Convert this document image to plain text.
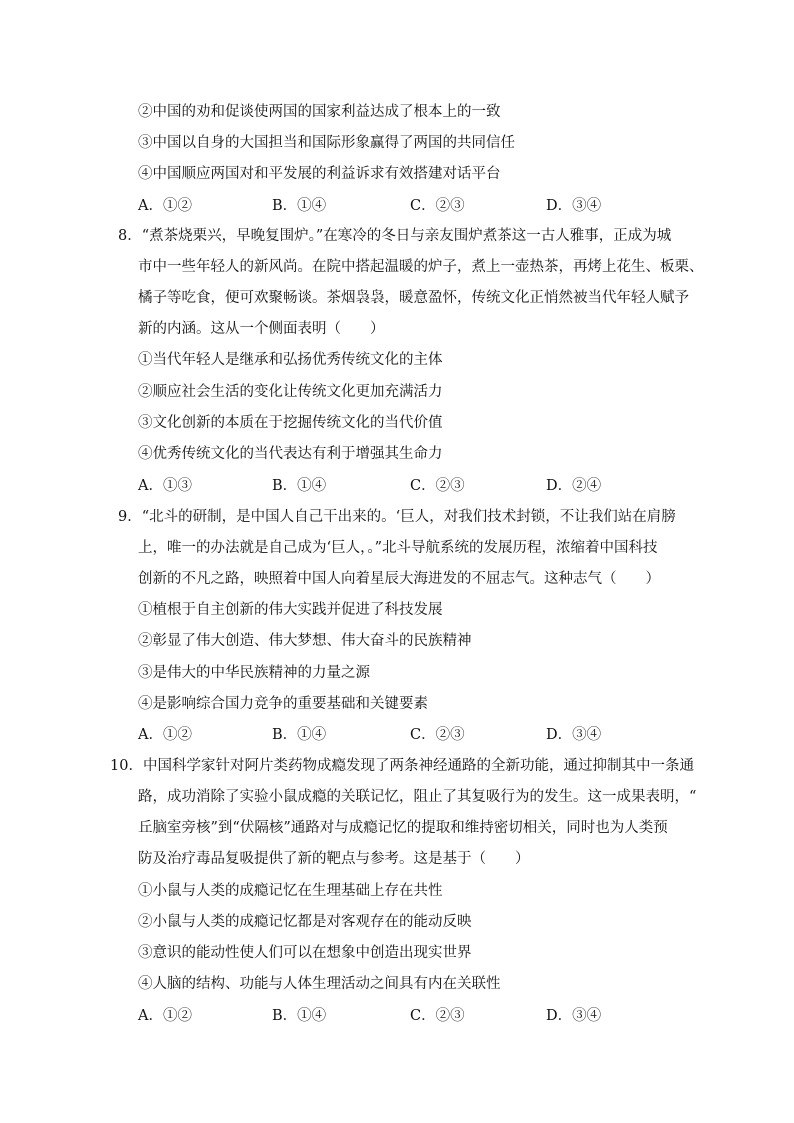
②中国的劝和促谈使两国的国家利益达成了根本上的一致
③中国以自身的大国担当和国际形象赢得了两国的共同信任
④中国顺应两国对和平发展的利益诉求有效搭建对话平台
A．①②	B．①④	C．②③	D．③④
8．“煮茶烧栗兴，早晚复围炉。”在寒冷的冬日与亲友围炉煮茶这一古人雅事，正成为城
市中一些年轻人的新风尚。在院中搭起温暖的炉子，煮上一壶热茶，再烤上花生、板栗、
橘子等吃食，便可欢聚畅谈。茶烟袅袅，暖意盈怀，传统文化正悄然被当代年轻人赋予
新的内涵。这从一个侧面表明（　　）
①当代年轻人是继承和弘扬优秀传统文化的主体
②顺应社会生活的变化让传统文化更加充满活力
③文化创新的本质在于挖掘传统文化的当代价值
④优秀传统文化的当代表达有利于增强其生命力
A．①③	B．①④	C．②③	D．②④
9．“北斗的研制，是中国人自己干出来的。‘巨人，对我们技术封锁，不让我们站在肩膀
上，唯一的办法就是自己成为‘巨人，。”北斗导航系统的发展历程，浓缩着中国科技
创新的不凡之路，映照着中国人向着星辰大海进发的不屈志气。这种志气（　　）
①植根于自主创新的伟大实践并促进了科技发展
②彰显了伟大创造、伟大梦想、伟大奋斗的民族精神
③是伟大的中华民族精神的力量之源
④是影响综合国力竞争的重要基础和关键要素
A．①②	B．①④	C．②③	D．③④
10．中国科学家针对阿片类药物成瘾发现了两条神经通路的全新功能，通过抑制其中一条通
路，成功消除了实验小鼠成瘾的关联记忆，阻止了其复吸行为的发生。这一成果表明，“
丘脑室旁核”到“伏隔核”通路对与成瘾记忆的提取和维持密切相关，同时也为人类预
防及治疗毒品复吸提供了新的靶点与参考。这是基于（　　）
①小鼠与人类的成瘾记忆在生理基础上存在共性
②小鼠与人类的成瘾记忆都是对客观存在的能动反映
③意识的能动性使人们可以在想象中创造出现实世界
④人脑的结构、功能与人体生理活动之间具有内在关联性
A．①②	B．①④	C．②③	D．③④
